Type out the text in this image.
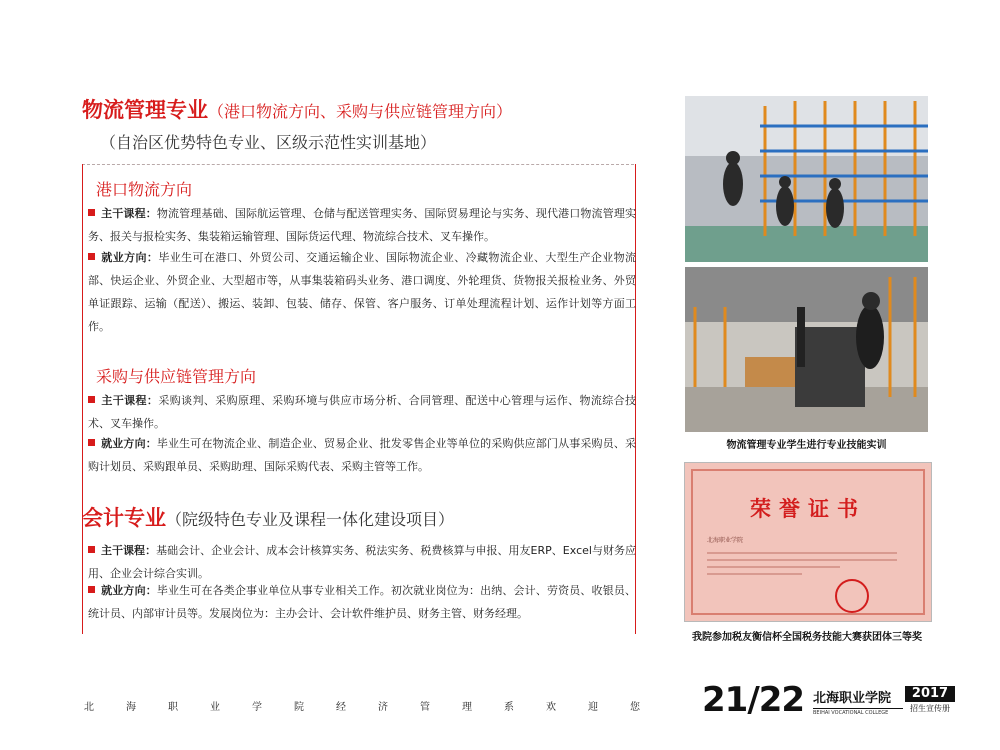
物流管理专业（港口物流方向、采购与供应链管理方向）
（自治区优势特色专业、区级示范性实训基地）
港口物流方向
主干课程：物流管理基础、国际航运管理、仓储与配送管理实务、国际贸易理论与实务、现代港口物流管理实务、报关与报检实务、集装箱运输管理、国际货运代理、物流综合技术、叉车操作。
就业方向：毕业生可在港口、外贸公司、交通运输企业、国际物流企业、冷藏物流企业、大型生产企业物流部、快运企业、外贸企业、大型超市等，从事集装箱码头业务、港口调度、外轮理货、货物报关报检业务、外贸单证跟踪、运输（配送）、搬运、装卸、包装、储存、保管、客户服务、订单处理流程计划、运作计划等方面工作。
采购与供应链管理方向
主干课程：采购谈判、采购原理、采购环境与供应市场分析、合同管理、配送中心管理与运作、物流综合技术、叉车操作。
就业方向：毕业生可在物流企业、制造企业、贸易企业、批发零售企业等单位的采购供应部门从事采购员、采购计划员、采购跟单员、采购助理、国际采购代表、采购主管等工作。
会计专业（院级特色专业及课程一体化建设项目）
主干课程：基础会计、企业会计、成本会计核算实务、税法实务、税费核算与申报、用友ERP、Excel与财务应用、企业会计综合实训。
就业方向：毕业生可在各类企事业单位从事专业相关工作。初次就业岗位为：出纳、会计、劳资员、收银员、统计员、内部审计员等。发展岗位为：主办会计、会计软件维护员、财务主管、财务经理。
物流管理专业学生进行专业技能实训
荣誉证书
北海职业学院
我院参加税友衡信杯全国税务技能大赛获团体三等奖
北	海	职	业	学	院	经	济	管	理	系	欢	迎	您 21/22 北海职业学院
BEIHAI VOCATIONAL COLLEGE
2017
招生宣传册
